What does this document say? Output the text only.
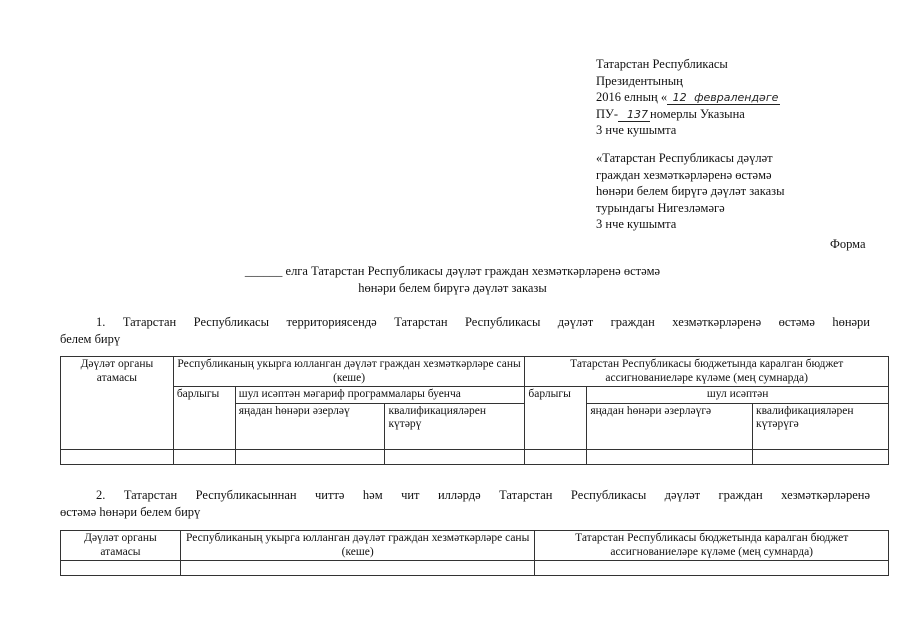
Татарстан Республикасы
Президентының
2016 елның « 12 февралендәге
ПУ- 137 номерлы Указына
3 нче кушымта
«Татарстан Республикасы дәүләт
граждан хезмәткәрләренә өстәмә
һөнәри белем бирүгә дәүләт заказы
турындагы Нигезләмәгә
3 нче кушымта
Форма
______ елга Татарстан Республикасы дәүләт граждан хезмәткәрләренә өстәмә
һөнәри белем бирүгә дәүләт заказы
1. Татарстан Республикасы территориясендә Татарстан Республикасы дәүләт граждан хезмәткәрләренә өстәмә һөнәри
белем бирү
Дәүләт органы атамасы	Республиканың укырга юлланган дәүләт граждан хезмәткәрләре саны (кеше)			Татарстан Республикасы бюджетында каралган бюджет ассигнованиеләре күләме (мең сумнарда)		
	барлыгы	шул исәптән мәгариф программалары буенча		барлыгы	шул исәптән	
		яңадан һөнәри әзерләү	квалификацияләрен күтәрү		яңадан һөнәри әзерләүгә	квалификацияләрен күтәрүгә

2. Татарстан Республикасыннан читтә һәм чит илләрдә Татарстан Республикасы дәүләт граждан хезмәткәрләренә
өстәмә һөнәри белем бирү
Дәүләт органы атамасы	Республиканың укырга юлланган дәүләт граждан хезмәткәрләре саны (кеше)	Татарстан Республикасы бюджетында каралган бюджет ассигнованиеләре күләме (мең сумнарда)
